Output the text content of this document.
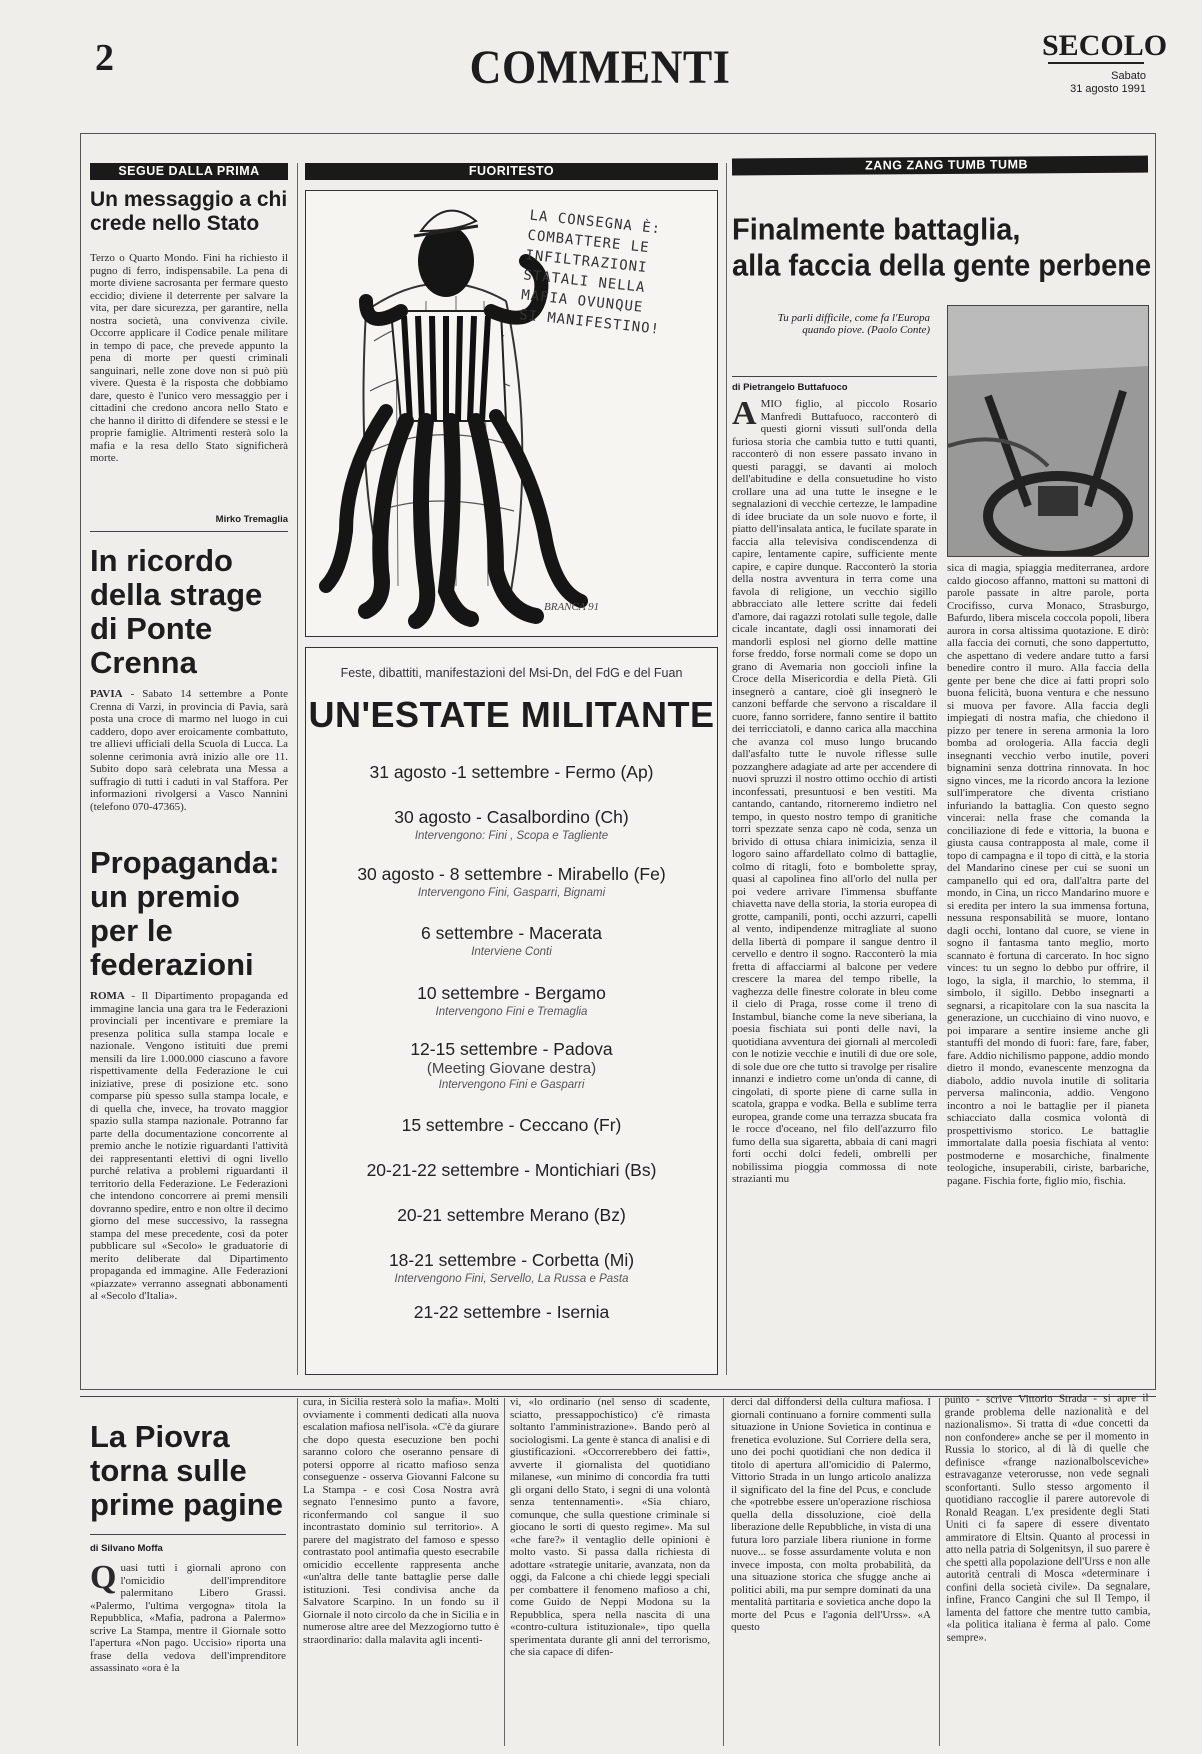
2	COMMENTI	SECOLO
Sabato
31 agosto 1991
SEGUE DALLA PRIMA
Un messaggio a chi crede nello Stato
Terzo o Quarto Mondo. Fini ha richiesto il pugno di ferro, indispensabile. La pena di morte diviene sacrosanta per fermare questo eccidio; diviene il deterrente per salvare la vita, per dare sicurezza, per garantire, nella nostra società, una convivenza civile. Occorre applicare il Codice penale militare in tempo di pace, che prevede appunto la pena di morte per questi criminali sanguinari, nelle zone dove non si può più vivere. Questa è la risposta che dobbiamo dare, questo è l'unico vero messaggio per i cittadini che credono ancora nello Stato e che hanno il diritto di difendere se stessi e le proprie famiglie. Altrimenti resterà solo la mafia e la resa dello Stato significherà morte.
Mirko Tremaglia
In ricordo della strage di Ponte Crenna
PAVIA - Sabato 14 settembre a Ponte Crenna di Varzi, in provincia di Pavia, sarà posta una croce di marmo nel luogo in cui caddero, dopo aver eroicamente combattuto, tre allievi ufficiali della Scuola di Lucca. La solenne cerimonia avrà inizio alle ore 11. Subito dopo sarà celebrata una Messa a suffragio di tutti i caduti in val Staffora. Per informazioni rivolgersi a Vasco Nannini (telefono 070-47365).
Propaganda: un premio per le federazioni
ROMA - Il Dipartimento propaganda ed immagine lancia una gara tra le Federazioni provinciali per incentivare e premiare la presenza politica sulla stampa locale e nazionale. Vengono istituiti due premi mensili da lire 1.000.000 ciascuno a favore rispettivamente della Federazione le cui iniziative, prese di posizione etc. sono comparse più spesso sulla stampa locale, e di quella che, invece, ha trovato maggior spazio sulla stampa nazionale. Potranno far parte della documentazione concorrente al premio anche le notizie riguardanti l'attività dei rappresentanti elettivi di ogni livello purché relativa a problemi riguardanti il territorio della Federazione. Le Federazioni che intendono concorrere ai premi mensili dovranno spedire, entro e non oltre il decimo giorno del mese successivo, la rassegna stampa del mese precedente, così da poter pubblicare sul «Secolo» le graduatorie di merito deliberate dal Dipartimento propaganda ed immagine. Alle Federazioni «piazzate» verranno assegnati abbonamenti al «Secolo d'Italia».
FUORITESTO
LA CONSEGNA È: COMBATTERE LE INFILTRAZIONI STATALI NELLA MAFIA OVUNQUE SI MANIFESTINO!
BRANCA 91
Feste, dibattiti, manifestazioni del Msi-Dn, del FdG e del Fuan
UN'ESTATE MILITANTE
31 agosto -1 settembre - Fermo (Ap)
30 agosto - Casalbordino (Ch)
Intervengono: Fini , Scopa e Tagliente
30 agosto - 8 settembre - Mirabello (Fe)
Intervengono Fini, Gasparri, Bignami
6 settembre - Macerata
Interviene Conti
10 settembre - Bergamo
Intervengono Fini e Tremaglia
12-15 settembre - Padova
(Meeting Giovane destra)
Intervengono Fini e Gasparri
15 settembre - Ceccano (Fr)
20-21-22 settembre - Montichiari (Bs)
20-21 settembre Merano (Bz)
18-21 settembre - Corbetta (Mi)
Intervengono Fini, Servello, La Russa e Pasta
21-22 settembre - Isernia
ZANG ZANG TUMB TUMB
Finalmente battaglia,
alla faccia della gente perbene
Tu parli difficile, come fa l'Europa quando piove. (Paolo Conte)
di Pietrangelo Buttafuoco
AMIO figlio, al piccolo Rosario Manfredi Buttafuoco, racconterò di questi giorni vissuti sull'onda della furiosa storia che cambia tutto e tutti quanti, racconterò di non essere passato invano in questi paraggi, se davanti ai moloch dell'abitudine e della consuetudine ho visto crollare una ad una tutte le insegne e le segnalazioni di vecchie certezze, le lampadine di idee bruciate da un sole nuovo e forte, il piatto dell'insalata antica, le fucilate sparate in faccia alla televisiva condiscendenza di capire, lentamente capire, sufficiente mente capire, e capire dunque. Racconterò la storia della nostra avventura in terra come una favola di religione, un vecchio sigillo abbracciato alle lettere scritte dai fedeli d'amore, dai ragazzi rotolati sulle tegole, dalle cicale incantate, dagli ossi innamorati dei mandorli esplosi nel giorno delle mattine forse freddo, forse normali come se dopo un grano di Avemaria non gocciolì infine la Croce della Misericordia e della Pietà. Gli insegnerò a cantare, cioè gli insegnerò le canzoni beffarde che servono a riscaldare il cuore, fanno sorridere, fanno sentire il battito dei terricciatoli, e danno carica alla macchina che avanza col muso lungo brucando dall'asfalto tutte le nuvole riflesse sulle pozzanghere adagiate ad arte per accendere di nuovi spruzzi il nostro ottimo occhio di artisti inconfessati, presuntuosi e ben vestiti. Ma cantando, cantando, ritorneremo indietro nel tempo, in questo nostro tempo di granitiche torri spezzate senza capo nè coda, senza un brivido di ottusa chiara inimicizia, senza il logoro saino affardellato colmo di battaglie, colmo di ritagli, foto e bombolette spray, quasi al capolinea fino all'orlo del nulla per poi vedere arrivare l'immensa sbuffante chiavetta nave della storia, la storia europea di grotte, campanili, ponti, occhi azzurri, capelli al vento, indipendenze mitragliate al suono della libertà di pompare il sangue dentro il cervello e dentro il sogno. Racconterò la mia fretta di affacciarmi al balcone per vedere crescere la marea del tempo ribelle, la vaghezza delle finestre colorate in bleu come il cielo di Praga, rosse come il treno di Instambul, bianche come la neve siberiana, la poesia fischiata sui ponti delle navi, la quotidiana avventura dei giornali al mercoledì con le notizie vecchie e inutili di due ore sole, di sole due ore che tutto si travolge per risalire innanzi e indietro come un'onda di canne, di cingolati, di sporte piene di carne sulla in scatola, grappa e vodka. Bella e sublime terra europea, grande come una terrazza sbucata fra le rocce d'oceano, nel filo dell'azzurro filo fumo della sua sigaretta, abbaia di cani magri forti occhi dolci fedeli, ombrelli per nobilissima pioggia commossa di note strazianti mu
sica di magia, spiaggia mediterranea, ardore caldo giocoso affanno, mattoni su mattoni di parole passate in altre parole, porta Crocifisso, curva Monaco, Strasburgo, Bafurdo, libera miscela coccola popoli, libera aurora in corsa altissima quotazione. E dirò: alla faccia dei cornuti, che sono dappertutto, che aspettano di vedere andare tutto a farsi benedire contro il muro. Alla faccia della gente per bene che dice ai fatti propri solo buona felicità, buona ventura e che nessuno si muova per favore. Alla faccia degli impiegati di nostra mafia, che chiedono il pizzo per tenere in serena armonia la loro bomba ad orologeria. Alla faccia degli insegnanti vecchio verbo inutile, poveri bignamini senza dottrina rinnovata. In hoc signo vinces, me la ricordo ancora la lezione sull'imperatore che diventa cristiano infuriando la battaglia. Con questo segno vincerai: nella frase che comanda la conciliazione di fede e vittoria, la buona e giusta causa contrapposta al male, come il topo di campagna e il topo di città, e la storia del Mandarino cinese per cui se suoni un campanello qui ed ora, dall'altra parte del mondo, in Cina, un ricco Mandarino muore e si eredita per intero la sua immensa fortuna, nessuna responsabilità se muore, lontano dagli occhi, lontano dal cuore, se viene in sogno il fantasma tanto meglio, morto scannato è fortuna di carcerato. In hoc signo vinces: tu un segno lo debbo pur offrire, il logo, la sigla, il marchio, lo stemma, il simbolo, il sigillo. Debbo insegnarti a segnarsi, a ricapitolare con la sua nascita la generazione, un cucchiaino di vino nuovo, e poi imparare a sentire insieme anche gli stantuffi del mondo di fuori: fare, fare, faber, fare. Addio nichilismo pappone, addio mondo dietro il mondo, evanescente menzogna da diabolo, addio nuvola inutile di solitaria perversa malinconia, addio. Vengono incontro a noi le battaglie per il pianeta schiacciato dalla cosmica volontà di prospettivismo storico. Le battaglie immortalate dalla poesia fischiata al vento: postmoderne e mosarchiche, finalmente teologiche, insuperabili, ciriste, barbariche, pagane. Fischia forte, figlio mio, fischia.
La Piovra torna sulle prime pagine
di Silvano Moffa
Quasi tutti i giornali aprono con l'omicidio dell'imprenditore palermitano Libero Grassi. «Palermo, l'ultima vergogna» titola la Repubblica, «Mafia, padrona a Palermo» scrive La Stampa, mentre il Giornale sotto l'apertura «Non pago. Uccisio» riporta una frase della vedova dell'imprenditore assassinato «ora è la
cura, in Sicilia resterà solo la mafia». Molti ovviamente i commenti dedicati alla nuova escalation mafiosa nell'isola. «C'è da giurare che dopo questa esecuzione ben pochi saranno coloro che oseranno pensare di potersi opporre al ricatto mafioso senza conseguenze - osserva Giovanni Falcone su La Stampa - e così Cosa Nostra avrà segnato l'ennesimo punto a favore, riconfermando col sangue il suo incontrastato dominio sul territorio». A parere del magistrato del famoso e spesso contrastato pool antimafia questo esecrabile omicidio eccellente rappresenta anche «un'altra delle tante battaglie perse dalle istituzioni. Tesi condivisa anche da Salvatore Scarpino. In un fondo su il Giornale il noto circolo da che in Sicilia e in numerose altre aree del Mezzogiorno tutto è straordinario: dalla malavita agli incenti-
vi, «lo ordinario (nel senso di scadente, sciatto, pressappochistico) c'è rimasta soltanto l'amministrazione». Bando però al sociologismi. La gente è stanca di analisi e di giustificazioni. «Occorrerebbero dei fatti», avverte il giornalista del quotidiano milanese, «un minimo di concordia fra tutti gli organi dello Stato, i segni di una volontà senza tentennamenti». «Sia chiaro, comunque, che sulla questione criminale si giocano le sorti di questo regime». Ma sul «che fare?» il ventaglio delle opinioni è molto vasto. Si passa dalla richiesta di adottare «strategie unitarie, avanzata, non da oggi, da Falcone a chi chiede leggi speciali per combattere il fenomeno mafioso a chi, come Guido de Neppi Modona su la Repubblica, spera nella nascita di una «contro-cultura istituzionale», tipo quella sperimentata durante gli anni del terrorismo, che sia capace di difen-
derci dal diffondersi della cultura mafiosa. I giornali continuano a fornire commenti sulla situazione in Unione Sovietica in continua e frenetica evoluzione. Sul Corriere della sera, uno dei pochi quotidiani che non dedica il titolo di apertura all'omicidio di Palermo, Vittorio Strada in un lungo articolo analizza il significato del la fine del Pcus, e conclude che «potrebbe essere un'operazione rischiosa quella della dissoluzione, cioè della liberazione delle Repubbliche, in vista di una futura loro parziale libera riunione in forme nuove... se fosse assurdamente voluta e non invece imposta, con molta probabilità, da una situazione storica che sfugge anche ai politici abili, ma pur sempre dominati da una mentalità partitaria e sovietica anche dopo la morte del Pcus e l'agonia dell'Urss». «A questo
punto - scrive Vittorio Strada - si apre il grande problema delle nazionalità e del nazionalismo». Si tratta di «due concetti da non confondere» anche se per il momento in Russia lo storico, al di là di quelle che definisce «frange nazionalbolsceviche» estravaganze veterorusse, non vede segnali sconfortanti. Sullo stesso argomento il quotidiano raccoglie il parere autorevole di Ronald Reagan. L'ex presidente degli Stati Uniti ci fa sapere di essere diventato ammiratore di Eltsin. Quanto al processi in atto nella patria di Solgenitsyn, il suo parere è che spetti alla popolazione dell'Urss e non alle autorità centrali di Mosca «determinare i confini della società civile». Da segnalare, infine, Franco Cangini che sul Il Tempo, il lamenta del fattore che mentre tutto cambia, «la politica italiana è ferma al palo. Come sempre».
